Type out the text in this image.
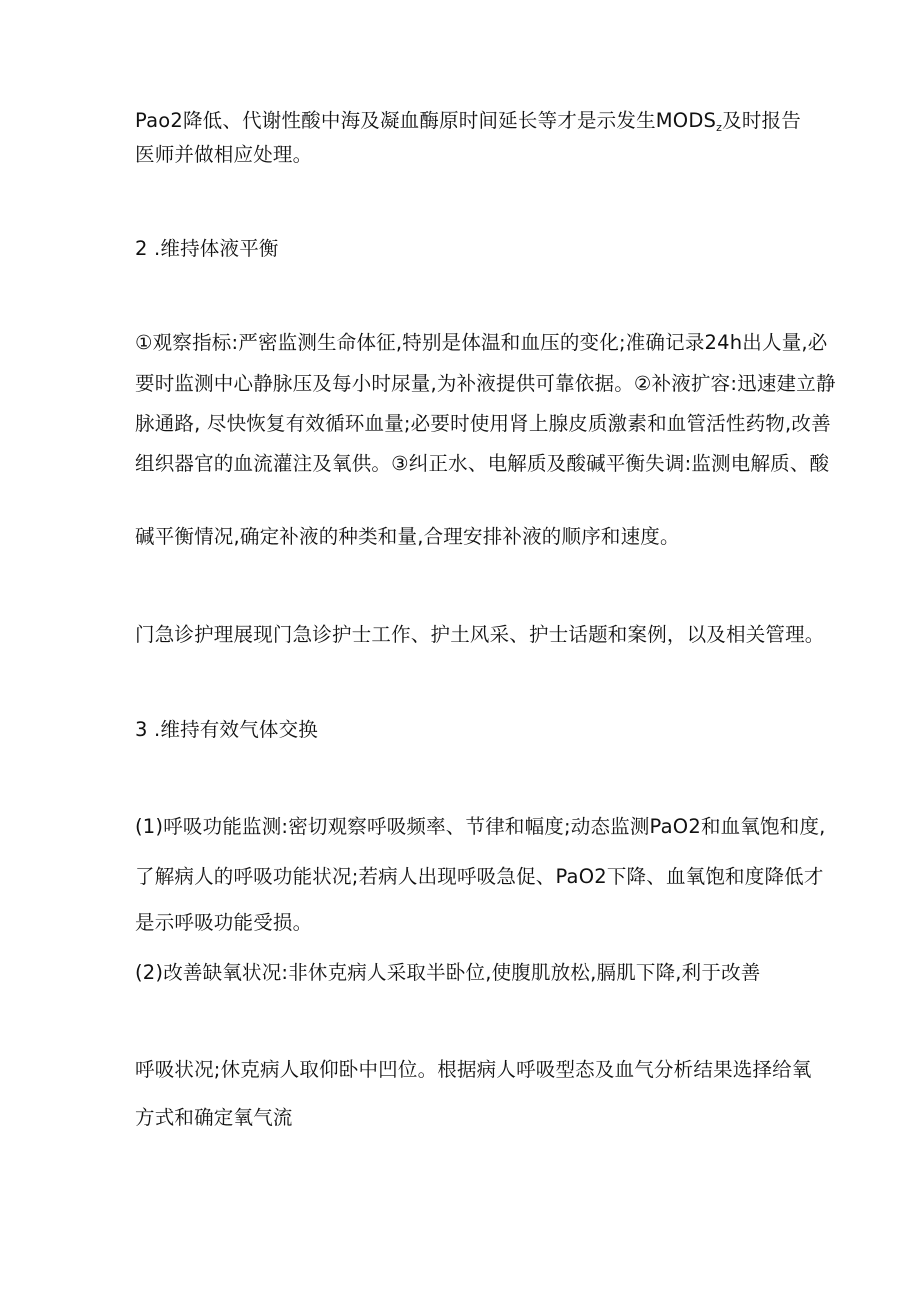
Pao2降低、代谢性酸中海及凝血酶原时间延长等才是示发生$MODS_z$及时报告
医师并做相应处理。
2 .维持体液平衡
①观察指标:严密监测生命体征,特别是体温和血压的变化;准确记录24h出人量,必
要时监测中心静脉压及每小时尿量,为补液提供可靠依据。②补液扩容:迅速建立静
脉通路, 尽快恢复有效循环血量;必要时使用肾上腺皮质激素和血管活性药物,改善
组织器官的血流灌注及氧供。③纠正水、电解质及酸碱平衡失调:监测电解质、酸
碱平衡情况,确定补液的种类和量,合理安排补液的顺序和速度。
门急诊护理展现门急诊护士工作、护土风采、护士话题和案例，以及相关管理。
3 .维持有效气体交换
(1)呼吸功能监测:密切观察呼吸频率、节律和幅度;动态监测PaO2和血氧饱和度,
了解病人的呼吸功能状况;若病人出现呼吸急促、PaO2下降、血氧饱和度降低才
是示呼吸功能受损。
(2)改善缺氧状况:非休克病人采取半卧位,使腹肌放松,膈肌下降,利于改善
呼吸状况;休克病人取仰卧中凹位。根据病人呼吸型态及血气分析结果选择给氧
方式和确定氧气流
